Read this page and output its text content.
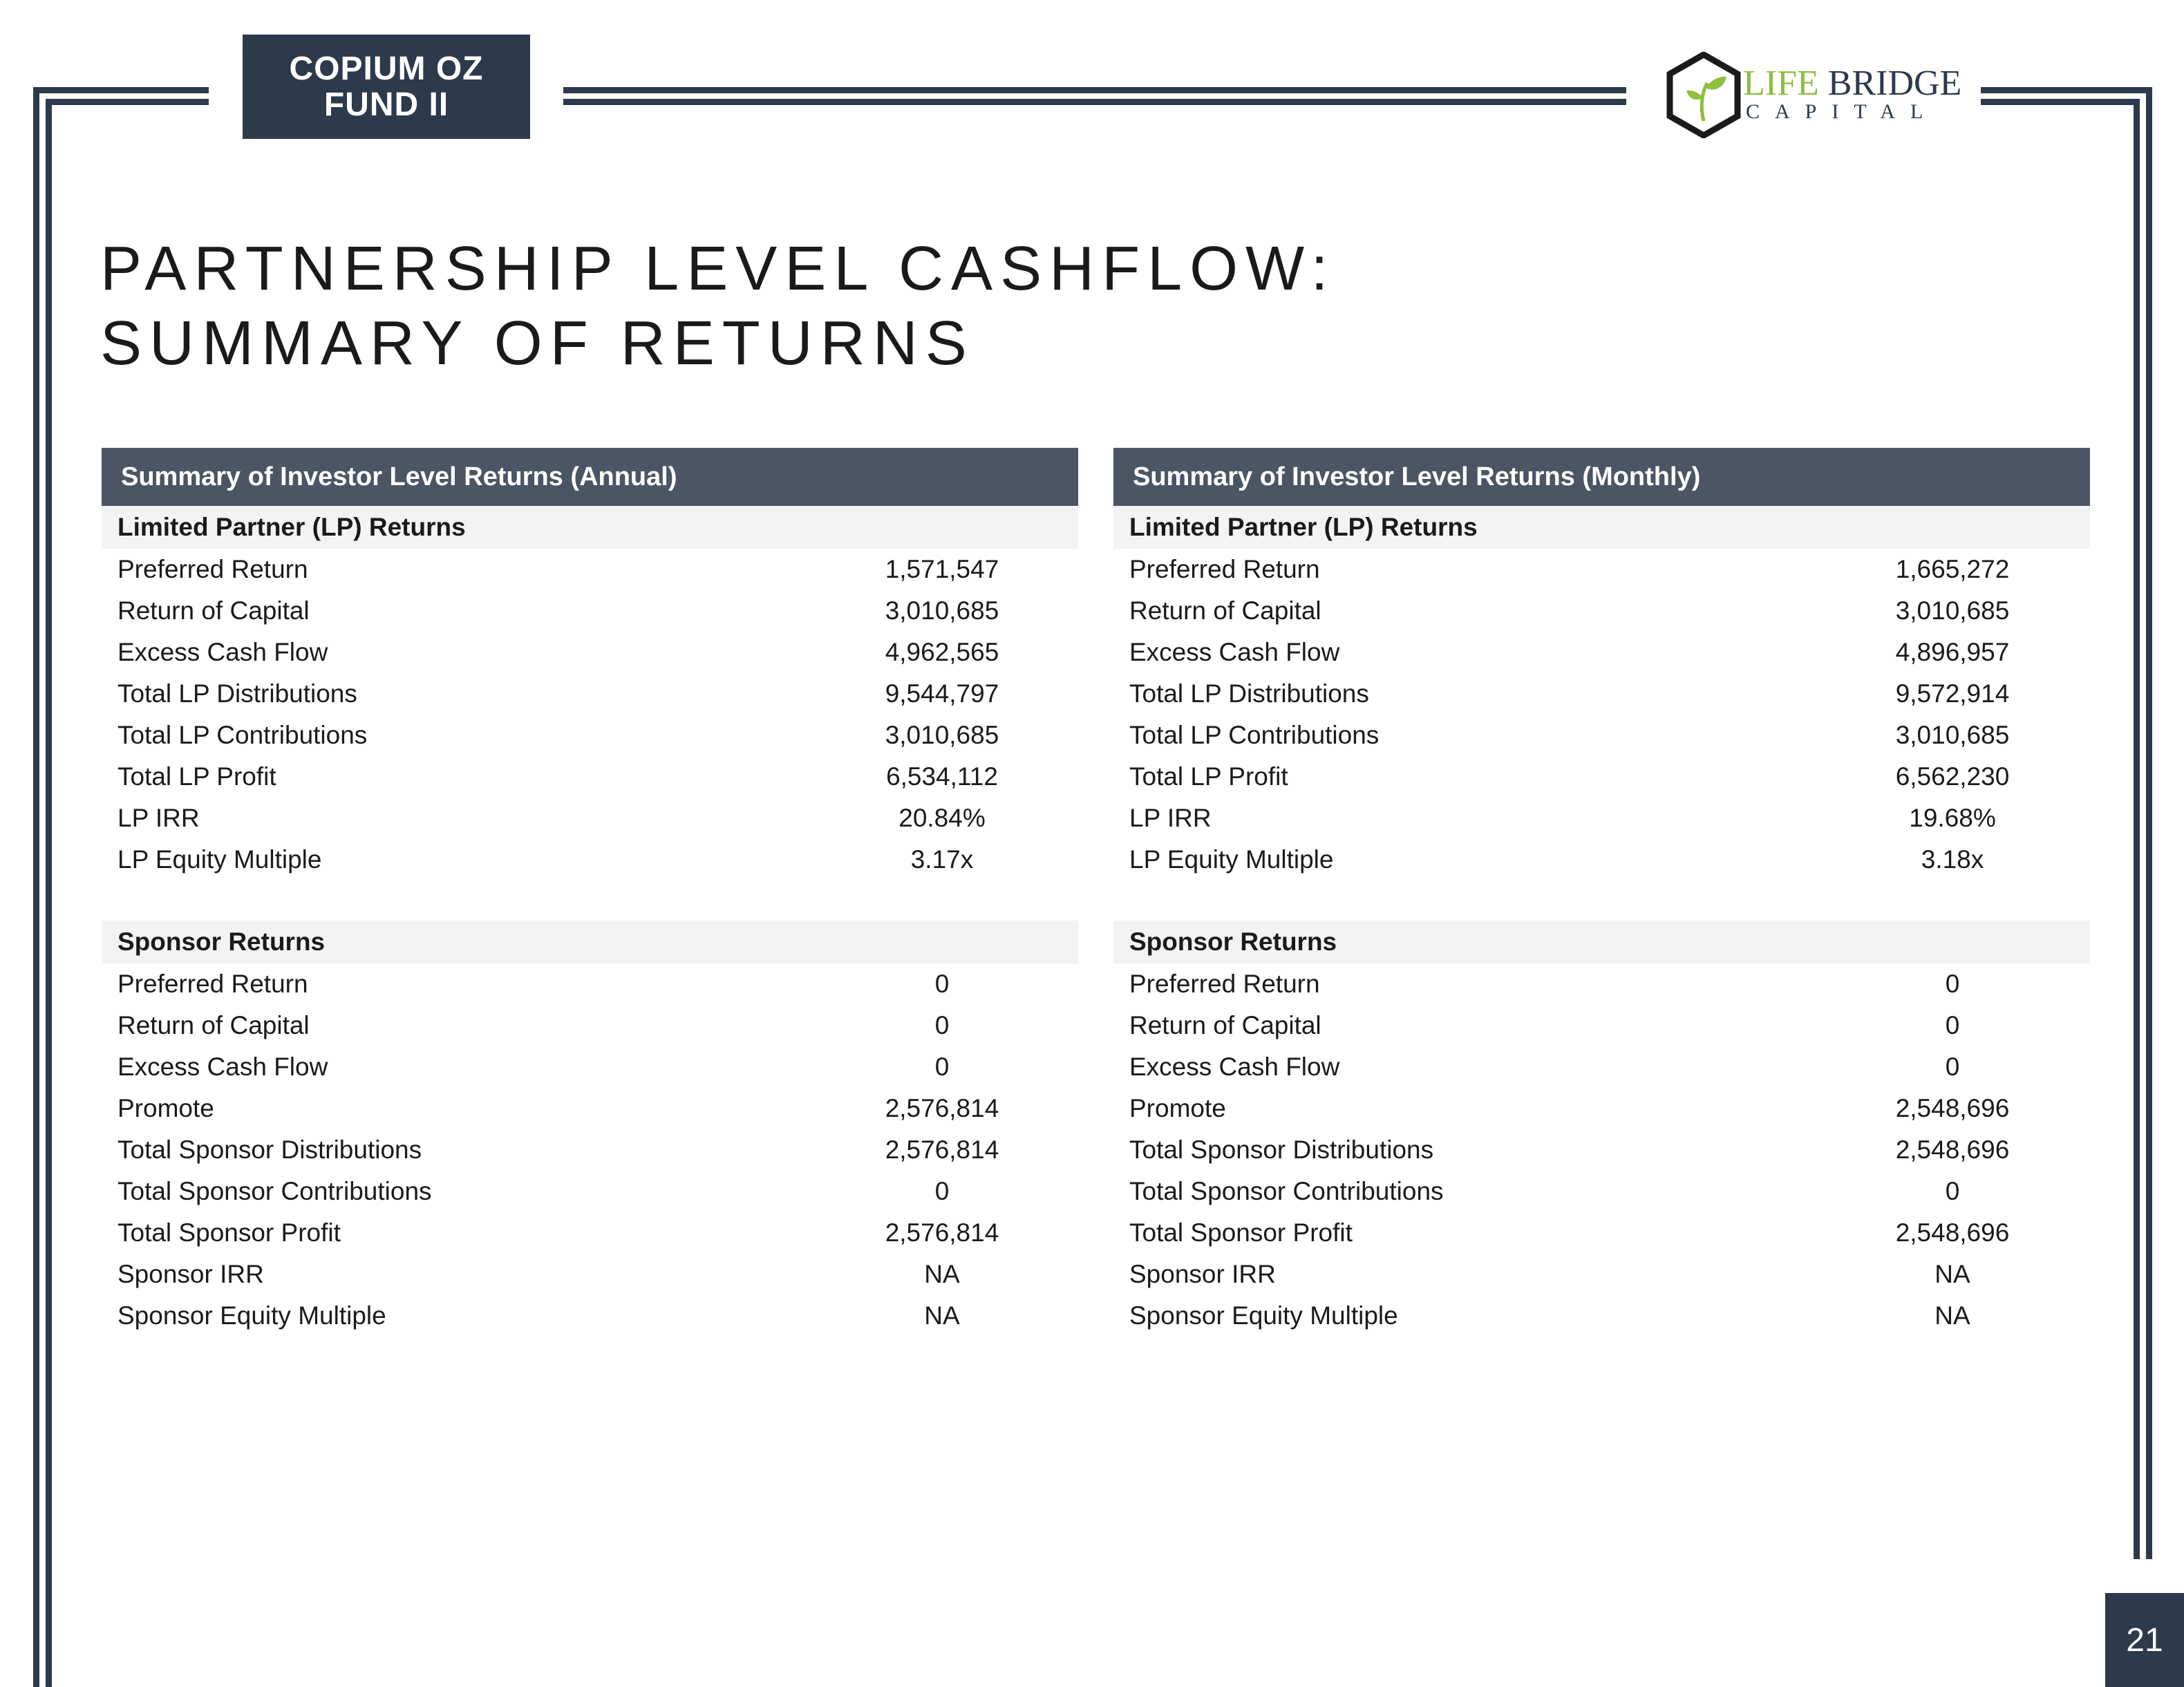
COPIUM OZ
FUND II
LIFE BRIDGE
CAPITAL
PARTNERSHIP LEVEL CASHFLOW:
SUMMARY OF RETURNS
Summary of Investor Level Returns (Annual)
Limited Partner (LP) Returns
Preferred Return	1,571,547
Return of Capital	3,010,685
Excess Cash Flow	4,962,565
Total LP Distributions	9,544,797
Total LP Contributions	3,010,685
Total LP Profit	6,534,112
LP IRR	20.84%
LP Equity Multiple	3.17x
Sponsor Returns
Preferred Return	0
Return of Capital	0
Excess Cash Flow	0
Promote	2,576,814
Total Sponsor Distributions	2,576,814
Total Sponsor Contributions	0
Total Sponsor Profit	2,576,814
Sponsor IRR	NA
Sponsor Equity Multiple	NA
Summary of Investor Level Returns (Monthly)
Limited Partner (LP) Returns
Preferred Return	1,665,272
Return of Capital	3,010,685
Excess Cash Flow	4,896,957
Total LP Distributions	9,572,914
Total LP Contributions	3,010,685
Total LP Profit	6,562,230
LP IRR	19.68%
LP Equity Multiple	3.18x
Sponsor Returns
Preferred Return	0
Return of Capital	0
Excess Cash Flow	0
Promote	2,548,696
Total Sponsor Distributions	2,548,696
Total Sponsor Contributions	0
Total Sponsor Profit	2,548,696
Sponsor IRR	NA
Sponsor Equity Multiple	NA
21
